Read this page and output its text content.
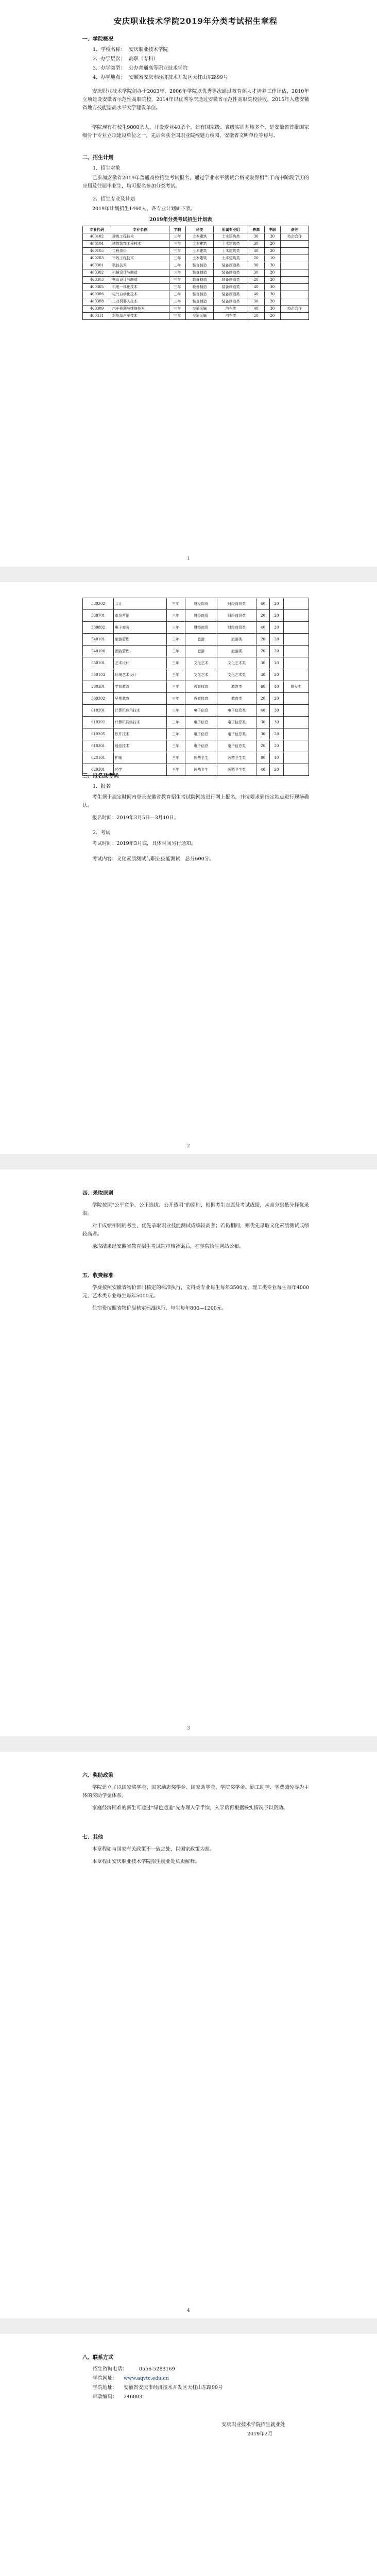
安庆职业技术学院2019年分类考试招生章程
一、学院概况
1．学校名称： 安庆职业技术学院
2．办学层次： 高职（专科）
3．办学类型： 公办普通高等职业技术学院
4．办学地点： 安徽省安庆市经济技术开发区天柱山东路99号
安庆职业技术学院创办于2003年，2006年学院以优秀等次通过教育部人才培养工作评估，2010年立项建设安徽省示范性高职院校，2014年以优秀等次通过安徽省示范性高职院校验收，2015年入选安徽省地方技能型高水平大学建设单位。
学院现有在校生9000余人，开设专业40余个，建有国家级、省级实训基地多个，是安徽省首批国家级骨干专业立项建设单位之一，先后荣获全国职业院校魅力校园、安徽省文明单位等称号。
二、招生计划
1．招生对象
已参加安徽省2019年普通高校招生考试报名，通过学业水平测试合格或取得相当于高中阶段学历的应届及往届毕业生，均可报名参加分类考试。
2．招生专业及计划
2019年计划招生1460人，各专业计划如下表。
2019年分类考试招生计划表
专业代码	专业名称	学制	科类	所属专业组	普高	中职	备注
460102	建筑工程技术	三年	土木建筑	土木建筑类	30	30	校企合作
460104	建筑装饰工程技术	三年	土木建筑	土木建筑类	30	20	
460105	工程造价	三年	土木建筑	土木建筑类	40	20	
460203	市政工程技术	三年	土木建筑	土木建筑类	20	10	
460301	数控技术	三年	装备制造	装备制造类	30	30	
460302	机械设计与制造	三年	装备制造	装备制造类	30	20	
460303	模具设计与制造	三年	装备制造	装备制造类	20	20	
460305	机电一体化技术	三年	装备制造	装备制造类	40	30	
460306	电气自动化技术	三年	装备制造	装备制造类	40	30	
460308	工业机器人技术	三年	装备制造	装备制造类	30	20	
460309	汽车检测与维修技术	三年	交通运输	汽车类	40	30	校企合作
460311	新能源汽车技术	三年	交通运输	汽车类	20	20	
1
530302	会计	三年	财经商贸	财经商贸类	60	20	
530701	市场营销	三年	财经商贸	财经商贸类	20	20	
530802	电子商务	三年	财经商贸	财经商贸类	40	20	
540101	旅游管理	三年	旅游	旅游类	20	20	
540106	酒店管理	三年	旅游	旅游类	20	20	
550101	艺术设计	三年	文化艺术	文化艺术类	30	20	
550103	环境艺术设计	三年	文化艺术	文化艺术类	30	20	
560301	学前教育	三年	教育体育	教育类	60	40	限女生
560302	早期教育	三年	教育体育	教育类	20	20	
610201	计算机应用技术	三年	电子信息	电子信息类	40	30	
610202	计算机网络技术	三年	电子信息	电子信息类	30	30	
610205	软件技术	三年	电子信息	电子信息类	30	20	
610301	通信技术	三年	电子信息	电子信息类	20	20	
620101	护理	三年	医药卫生	医药卫生类	80	40	
620301	药学	三年	医药卫生	医药卫生类	40	20	
三、报名及考试
1．报名
考生须于规定时间内登录安徽省教育招生考试院网站进行网上报名，并按要求到指定地点进行现场确认。
报名时间：2019年3月5日—3月10日。
2．考试
考试时间：2019年3月底，具体时间另行通知。
考试内容：文化素质测试与职业技能测试，总分600分。
2
四、录取原则
学院按照“公平竞争、公正选拔、公开透明”的原则，根据考生志愿及考试成绩，从高分到低分择优录取。
对于成绩相同的考生，优先录取职业技能测试成绩较高者；若仍相同，则优先录取文化素质测试成绩较高者。
录取结果经安徽省教育招生考试院审核备案后，在学院招生网站公布。
五、收费标准
学费按照安徽省物价部门核定的标准执行，文科类专业每生每年3500元，理工类专业每生每年4000元，艺术类专业每生每年5000元。
住宿费按照省物价局核定标准执行，每生每年800—1200元。
3
六、奖助政策
学院建立了以国家奖学金、国家励志奖学金、国家助学金、学院奖学金、勤工助学、学费减免等为主体的奖助学金体系。
家庭经济困难的新生可通过“绿色通道”先办理入学手续，入学后再根据核实情况予以资助。
七、其他
本章程如与国家有关政策不一致之处，以国家政策为准。
本章程由安庆职业技术学院招生就业处负责解释。
4
八、联系方式
招生咨询电话： 0556-5283169
学院网址： www.aqvtc.edu.cn
学院地址： 安徽省安庆市经济技术开发区天柱山东路99号
邮政编码： 246003
安庆职业技术学院招生就业处
2019年2月
